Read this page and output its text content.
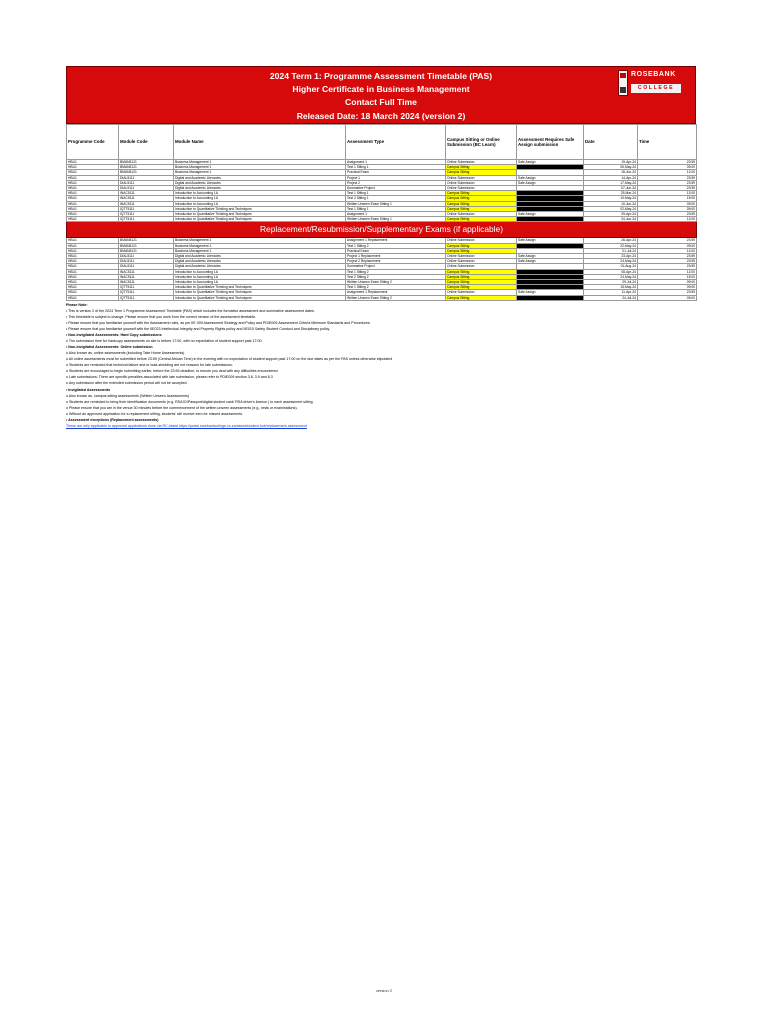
2024 Term 1: Programme Assessment Timetable (PAS)
Higher Certificate in Business Management
Contact Full Time
Released Date: 18 March 2024 (version 2)
ROSEBANK
COLLEGE
Programme Code	Module Code	Module Name	Assessment Type	Campus Sitting or Online Submission (BC Learn)	Assessment Requires Safe Assign submission	Date	Time
HBU1	BMAN5121	Business Management 1	Assignment 1	Online Submission	Safe Assign	19-Apr-24	23:59
HBU1	BMAN5121	Business Management 1	Test 1 Sitting 1	Campus Sitting		06-May-24	09:00
HBU1	BMAN5121	Business Management 1	Practical Exam	Campus Sitting		18-Jun-24	12:00
HBU1	DIAL5111	Digital and Academic Literacies	Project 1	Online Submission	Safe Assign	14-Apr-24	23:59
HBU1	DIAL5111	Digital and Academic Literacies	Project 2	Online Submission	Safe Assign	17-May-24	23:59
HBU1	DIAL5111	Digital and Academic Literacies	Summative Project	Online Submission		07-Jun-24	23:59
HBU1	INAC5111	Introduction to Accounting 1A	Test 1 Sitting 1	Campus Sitting		25-Mar-24	12:00
HBU1	INAC5111	Introduction to Accounting 1A	Test 2 Sitting 1	Campus Sitting		10-May-24	15:00
HBU1	INAC5111	Introduction to Accounting 1A	Written Unseen Exam Sitting 1	Campus Sitting		10-Jun-24	09:00
HBU1	IQTT5111	Introduction to Quantitative Thinking and Techniques	Test 1 Sitting 1	Campus Sitting		02-May-24	09:00
HBU1	IQTT5111	Introduction to Quantitative Thinking and Techniques	Assignment 1	Online Submission	Safe Assign	09-Apr-24	23:59
HBU1	IQTT5111	Introduction to Quantitative Thinking and Techniques	Written Unseen Exam Sitting 1	Campus Sitting		24-Jun-24	12:00
Replacement/Resubmission/Supplementary Exams (if applicable)							
HBU1	BMAN5121	Business Management 1	Assignment 1 Replacement	Online Submission	Safe Assign	26-Apr-24	23:59
HBU1	BMAN5121	Business Management 1	Test 1 Sitting 2	Campus Sitting		22-May-24	09:00
HBU1	BMAN5121	Business Management 1	Practical Exam	Campus Sitting		01-Jul-24	12:00
HBU1	DIAL5111	Digital and Academic Literacies	Project 1 Replacement	Online Submission	Safe Assign	23-Apr-24	23:59
HBU1	DIAL5111	Digital and Academic Literacies	Project 2 Replacement	Online Submission	Safe Assign	24-May-24	23:59
HBU1	DIAL5111	Digital and Academic Literacies	Summative Project	Online Submission		01-Aug-24	23:59
HBU1	INAC5111	Introduction to Accounting 1A	Test 1 Sitting 2	Campus Sitting		08-Apr-24	12:00
HBU1	INAC5111	Introduction to Accounting 1A	Test 2 Sitting 2	Campus Sitting		24-May-24	15:00
HBU1	INAC5111	Introduction to Accounting 1A	Written Unseen Exam Sitting 2	Campus Sitting		29-Jul-24	09:00
HBU1	IQTT5111	Introduction to Quantitative Thinking and Techniques	Test 1 Sitting 2	Campus Sitting		15-May-24	09:00
HBU1	IQTT5111	Introduction to Quantitative Thinking and Techniques	Assignment 1 Replacement	Online Submission	Safe Assign	11-Apr-24	23:59
HBU1	IQTT5111	Introduction to Quantitative Thinking and Techniques	Written Unseen Exam Sitting 2	Campus Sitting		24-Jul-24	09:00
Please Note:
• This is version 2 of the 2024 Term 1 Programme Assessment Timetable (PAS) which includes the formative assessment and summative assessment dates.
• This timetable is subject to change. Please ensure that you work from the correct version of the assessment timetable.
• Please ensure that you familiarise yourself with the Assessment rules, as per IIE 009 Assessment Strategy and Policy and PDIE009 Assessment Criteria Minimum Standards and Procedures.
• Please ensure that you familiarise yourself with the IIE023 Intellectual Integrity and Property Rights policy and IIE015 Safety Student Conduct and Disciplinary policy.
• Non-Invigilated Assessments: Hard Copy submissions
o The submission time for hardcopy assessments on site is before 17:00, with no expectation of student support past 17:00.
• Non-Invigilated Assessments: Online submission
o Also known as, online assessments (including Take Home Assessments)
o All online assessments must be submitted before 23:59 (Central African Time) in the evening with no expectation of student support past 17:00 on the due dates as per the PAS unless otherwise stipulated
o Students are reminded that technical failure and or load-shedding are not reasons for late submissions.
o Students are encouraged to begin submitting earlier, before the 23:59 deadline, to ensure you deal with any difficulties encountered.
o Late submissions: There are specific penalties associated with late submission, please refer to PDIE009 section 3.8, 3.9 and 6.3
o Any submission after the extended submission period will not be accepted.
• Invigilated Assessments
o Also known as, campus sitting assessments (Written Unseen Assessments)
o Students are reminded to bring their identification documents (e.g. RSA ID/Passport/digital student card/ RSA driver's licence ) to each assessment sitting
o Please ensure that you are in the venue 30 minutes before the commencement of the written unseen assessments (e.g., tests or examinations).
o Without an approved application for a replacement sitting, students' will receive zero for missed assessments.
• Assessment exceptions (Replacement assessments)
These are only applicable to approved applications done via RC Assist https://portal.rosebankcollege.co.za/assist/student-hub/replacement-assessment
version 2
